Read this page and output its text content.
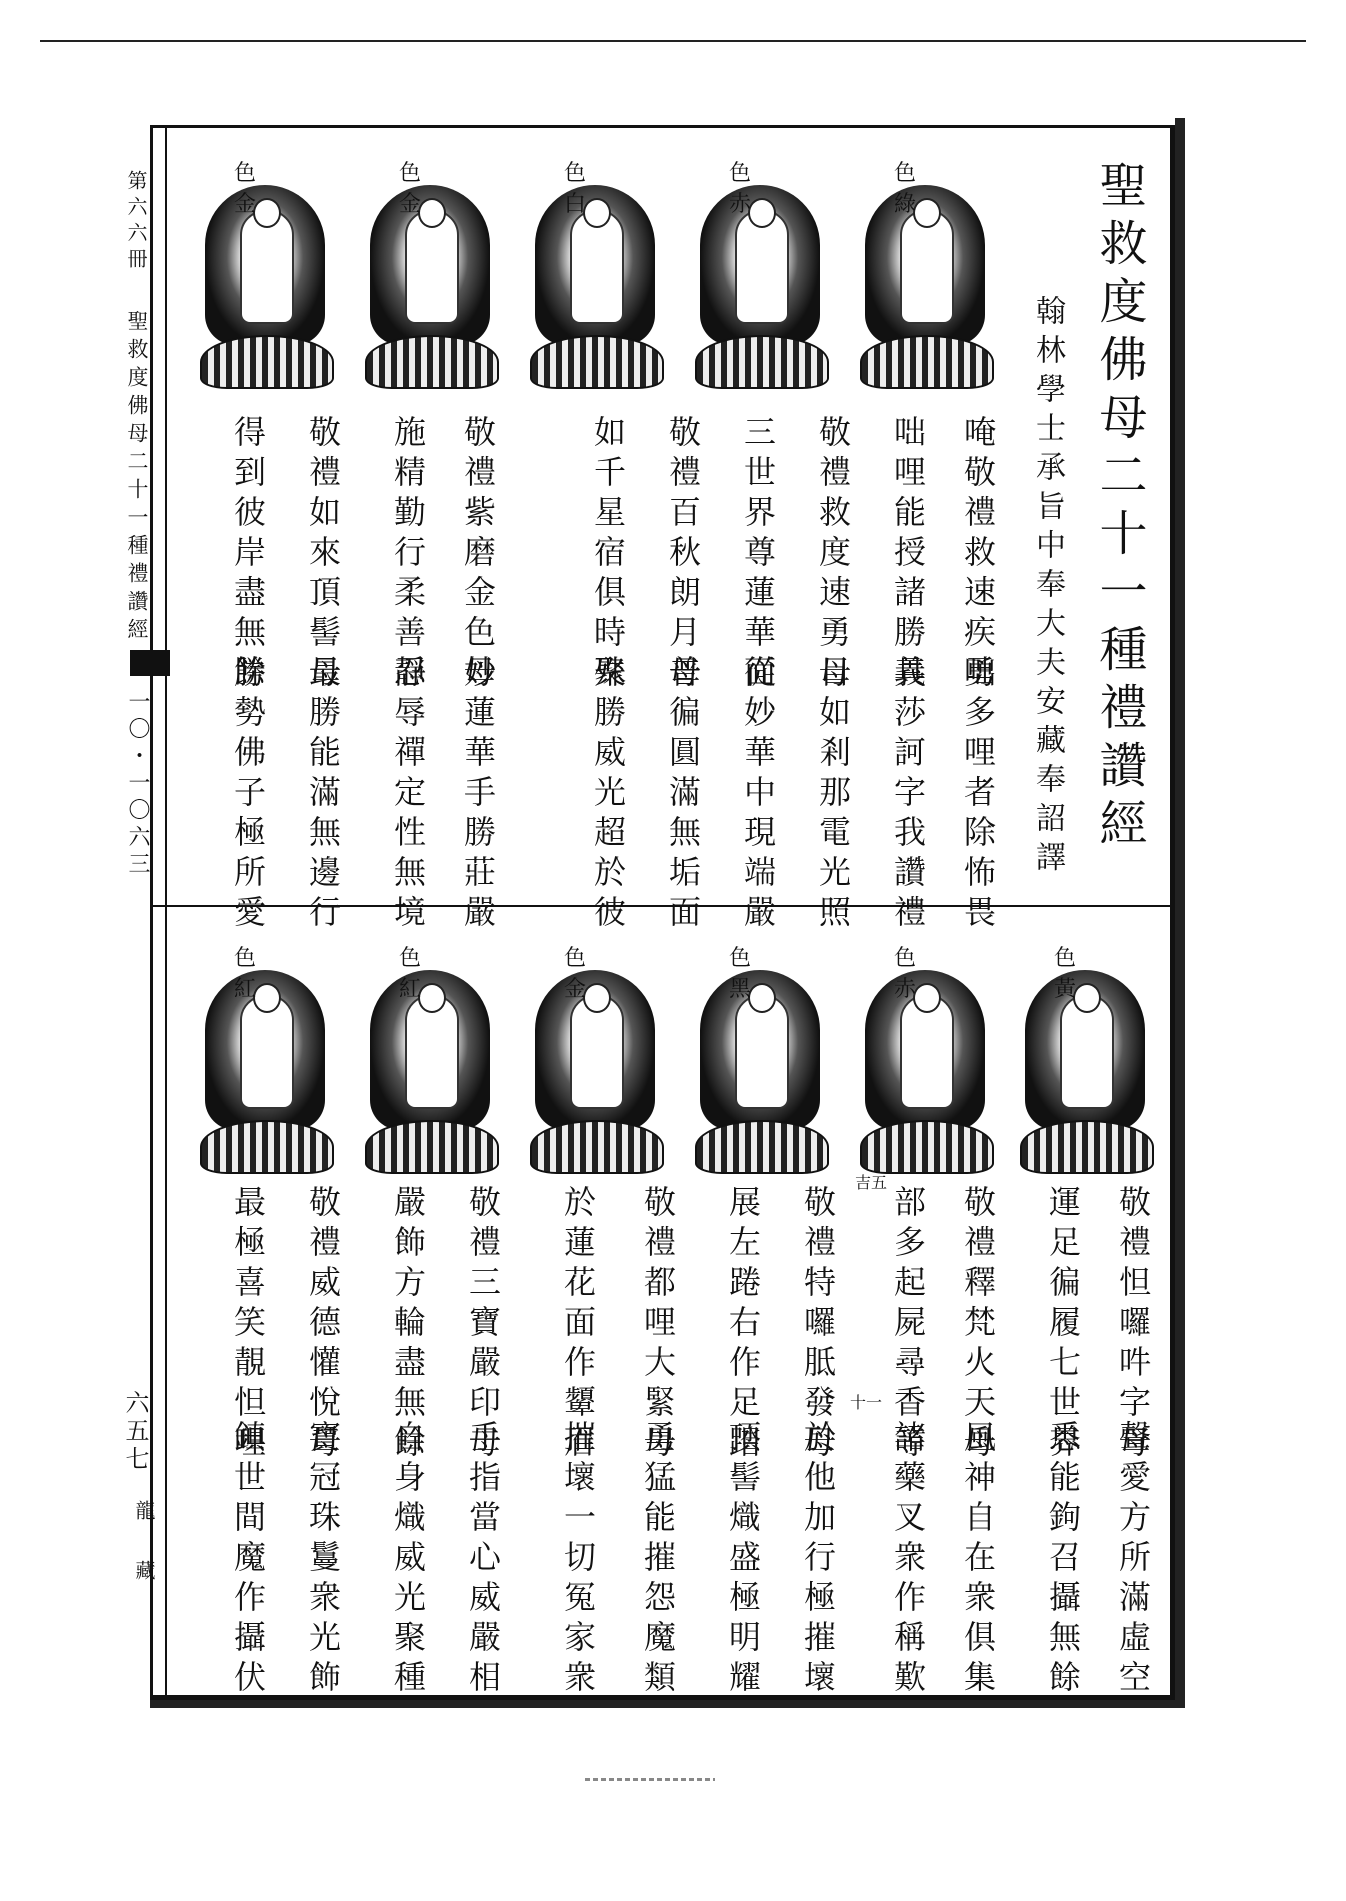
第六六冊
聖救度佛母二十一種禮讚經
一〇・一〇六三
六五七
龍藏
聖救度佛母二十一種禮讚經
翰林學士承旨中奉大夫安藏奉詔譯
色綠
色赤
色白
色金
色金
唵敬禮救速疾勇
咄多哩者除怖畏
咄哩能授諸勝義
具莎訶字我讚禮
敬禮救度速勇母
目如剎那電光照
三世界尊蓮華面
從妙華中現端嚴
敬禮百秋朗月母
普徧圓滿無垢面
如千星宿俱時聚
殊勝威光超於彼
敬禮紫磨金色母
妙蓮華手勝莊嚴
施精勤行柔善靜
忍辱禪定性無境
敬禮如來頂髻母
最勝能滿無邊行
得到彼岸盡無餘
勝勢佛子極所愛
色黃
色赤
色黑
色金
色紅
色紅
吉五
敬禮怛囉吽字母
聲愛方所滿虛空
運足徧履七世界
悉能鉤召攝無餘
敬禮釋梵火天母
風神自在衆俱集
部多起屍尋香等
諸藥叉衆作稱歎
十一
敬禮特囉胝發母
於他加行極摧壞
展左踡右作足踏
頂髻熾盛極明耀
敬禮都哩大緊母
勇猛能摧怨魔類
於蓮花面作顰眉
摧壞一切冤家衆
敬禮三寶嚴印母
手指當心威嚴相
嚴飾方輪盡無餘
自身熾威光聚種
敬禮威德懽悅母
寶冠珠鬘衆光飾
最極喜笑靚怛哩
鎮世間魔作攝伏
